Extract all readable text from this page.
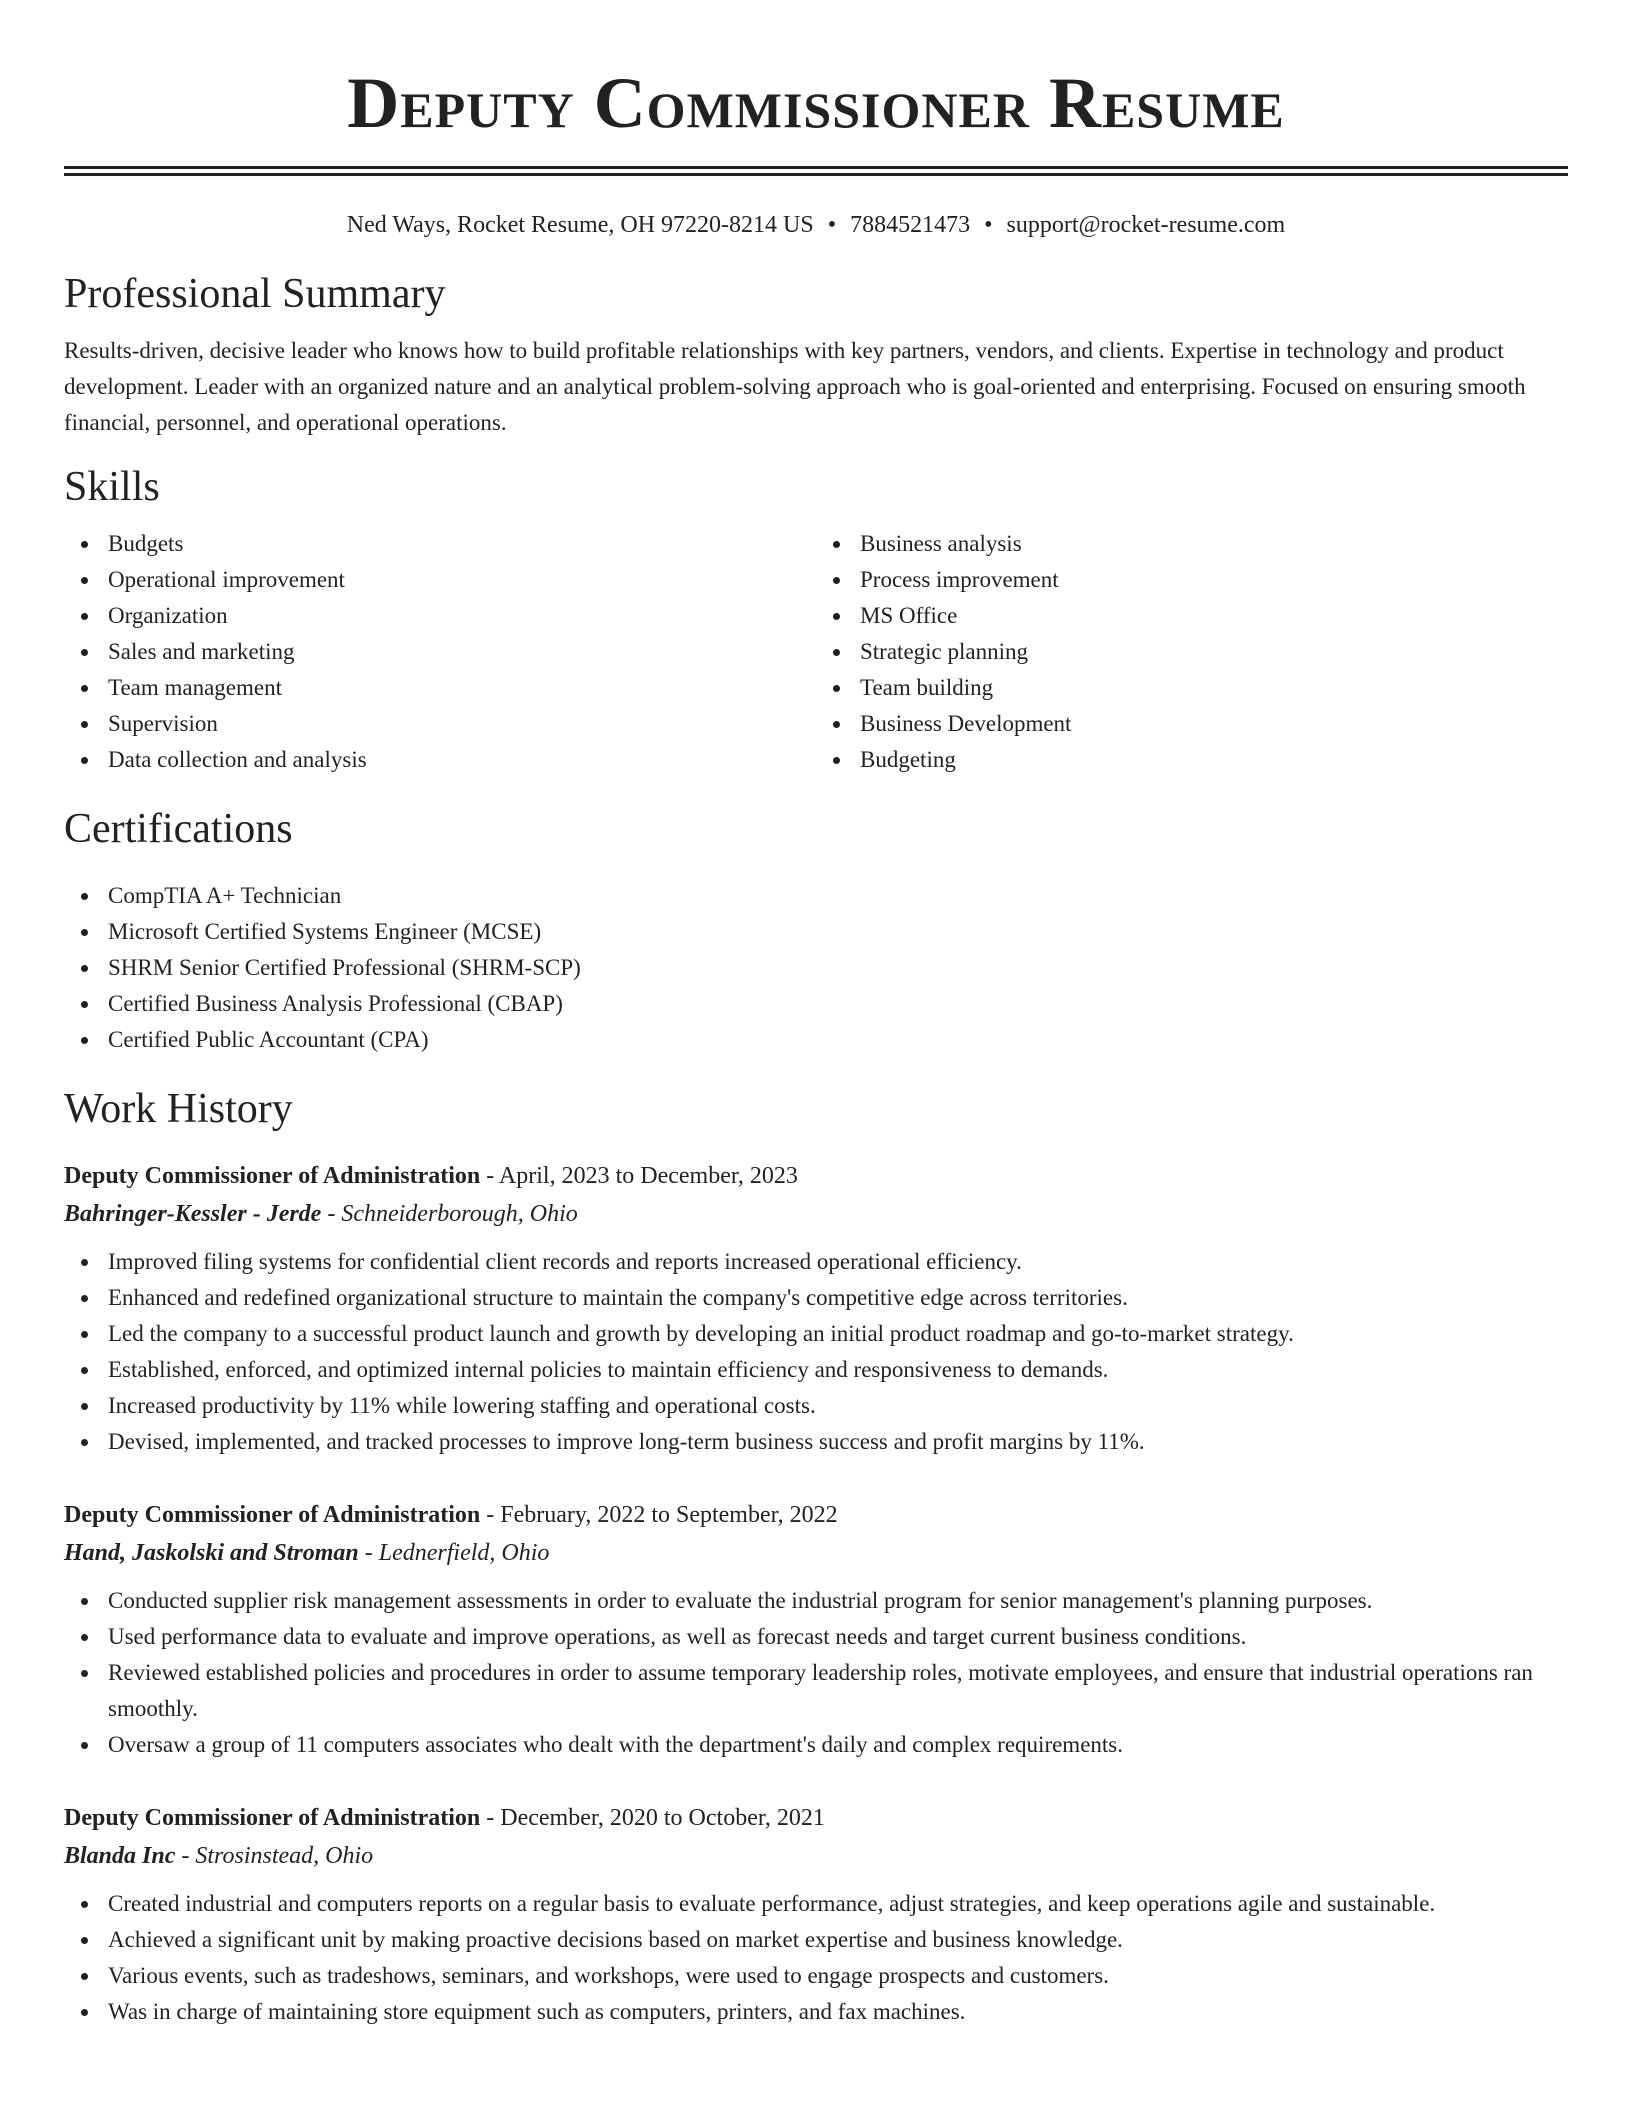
Deputy Commissioner Resume
Ned Ways, Rocket Resume, OH 97220-8214 US • 7884521473 • support@rocket-resume.com
Professional Summary
Results-driven, decisive leader who knows how to build profitable relationships with key partners, vendors, and clients. Expertise in technology and product development. Leader with an organized nature and an analytical problem-solving approach who is goal-oriented and enterprising. Focused on ensuring smooth financial, personnel, and operational operations.
Skills
Budgets
Operational improvement
Organization
Sales and marketing
Team management
Supervision
Data collection and analysis
Business analysis
Process improvement
MS Office
Strategic planning
Team building
Business Development
Budgeting
Certifications
CompTIA A+ Technician
Microsoft Certified Systems Engineer (MCSE)
SHRM Senior Certified Professional (SHRM-SCP)
Certified Business Analysis Professional (CBAP)
Certified Public Accountant (CPA)
Work History
Deputy Commissioner of Administration - April, 2023 to December, 2023
Bahringer-Kessler - Jerde - Schneiderborough, Ohio
Improved filing systems for confidential client records and reports increased operational efficiency.
Enhanced and redefined organizational structure to maintain the company's competitive edge across territories.
Led the company to a successful product launch and growth by developing an initial product roadmap and go-to-market strategy.
Established, enforced, and optimized internal policies to maintain efficiency and responsiveness to demands.
Increased productivity by 11% while lowering staffing and operational costs.
Devised, implemented, and tracked processes to improve long-term business success and profit margins by 11%.
Deputy Commissioner of Administration - February, 2022 to September, 2022
Hand, Jaskolski and Stroman - Lednerfield, Ohio
Conducted supplier risk management assessments in order to evaluate the industrial program for senior management's planning purposes.
Used performance data to evaluate and improve operations, as well as forecast needs and target current business conditions.
Reviewed established policies and procedures in order to assume temporary leadership roles, motivate employees, and ensure that industrial operations ran smoothly.
Oversaw a group of 11 computers associates who dealt with the department's daily and complex requirements.
Deputy Commissioner of Administration - December, 2020 to October, 2021
Blanda Inc - Strosinstead, Ohio
Created industrial and computers reports on a regular basis to evaluate performance, adjust strategies, and keep operations agile and sustainable.
Achieved a significant unit by making proactive decisions based on market expertise and business knowledge.
Various events, such as tradeshows, seminars, and workshops, were used to engage prospects and customers.
Was in charge of maintaining store equipment such as computers, printers, and fax machines.
